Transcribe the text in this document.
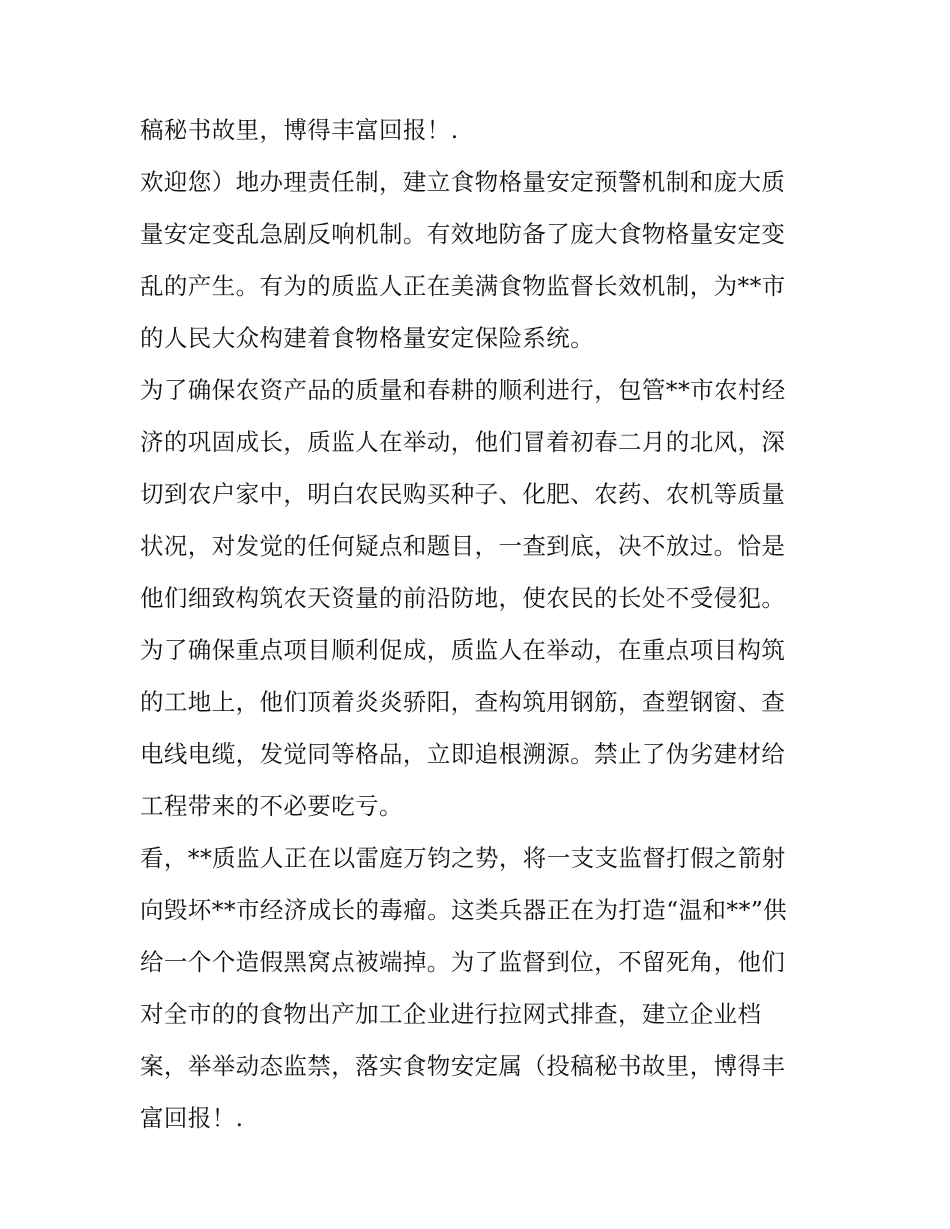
稿秘书故里，博得丰富回报！.
欢迎您）地办理责任制，建立食物格量安定预警机制和庞大质
量安定变乱急剧反响机制。有效地防备了庞大食物格量安定变
乱的产生。有为的质监人正在美满食物监督长效机制，为**市
的人民大众构建着食物格量安定保险系统。
为了确保农资产品的质量和春耕的顺利进行，包管**市农村经
济的巩固成长，质监人在举动，他们冒着初春二月的北风，深
切到农户家中，明白农民购买种子、化肥、农药、农机等质量
状况，对发觉的任何疑点和题目，一查到底，决不放过。恰是
他们细致构筑农天资量的前沿防地，使农民的长处不受侵犯。
为了确保重点项目顺利促成，质监人在举动，在重点项目构筑
的工地上，他们顶着炎炎骄阳，查构筑用钢筋，查塑钢窗、查
电线电缆，发觉同等格品，立即追根溯源。禁止了伪劣建材给
工程带来的不必要吃亏。
看，**质监人正在以雷庭万钧之势，将一支支监督打假之箭射
向毁坏**市经济成长的毒瘤。这类兵器正在为打造“温和**”供
给一个个造假黑窝点被端掉。为了监督到位，不留死角，他们
对全市的的食物出产加工企业进行拉网式排查，建立企业档
案，举举动态监禁，落实食物安定属（投稿秘书故里，博得丰
富回报！.
